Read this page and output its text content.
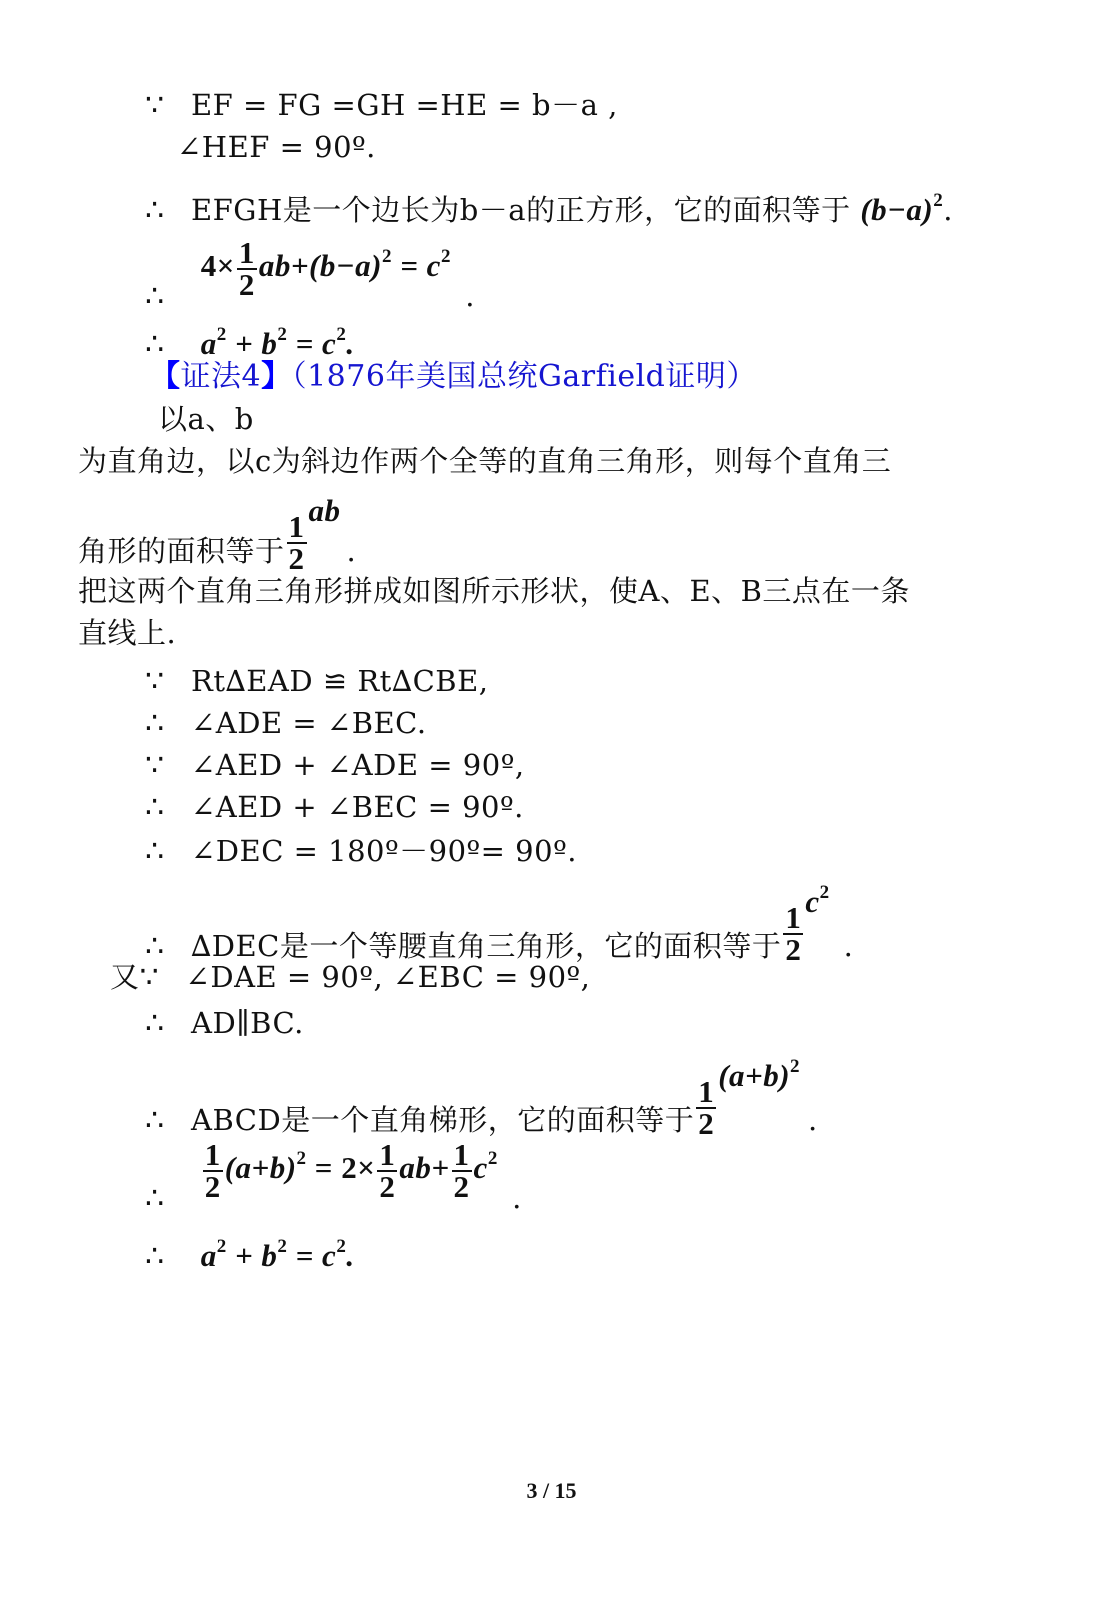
∵ EF = FG =GH =HE = b－a ,
∠HEF = 90º.
∴ EFGH是一个边长为b－a的正方形，它的面积等于 $(b-a)^2$.
∴ $4\times \frac{1}{2} ab+(b-a)^2 = c^2$ .
∴ $a^2 + b^2 = c^2$.
【证法4】（1876年美国总统Garfield证明）
以a、b
为直角边，以c为斜边作两个全等的直角三角形，则每个直角三
角形的面积等于 $\frac{1}{2}$
ab.
把这两个直角三角形拼成如图所示形状，使A、E、B三点在一条
直线上.
∵ Rt∆EAD ≌ Rt∆CBE,
∴ ∠ADE = ∠BEC.
∵ ∠AED + ∠ADE = 90º,
∴ ∠AED + ∠BEC = 90º.
∴ ∠DEC = 180º－90º= 90º.
∴ ∆DEC是一个等腰直角三角形，它的面积等于 $\frac{1}{2}$
$c^2$.
又∵ ∠DAE = 90º, ∠EBC = 90º,
∴ AD∥BC.
∴ ABCD是一个直角梯形，它的面积等于 $\frac{1}{2}$
$(a+b)^2$.
∴ $\frac{1}{2} (a+b)^2 = 2\times \frac{1}{2} ab+ \frac{1}{2} c^2$ .
∴ $a^2 + b^2 = c^2$.
3 / 15
